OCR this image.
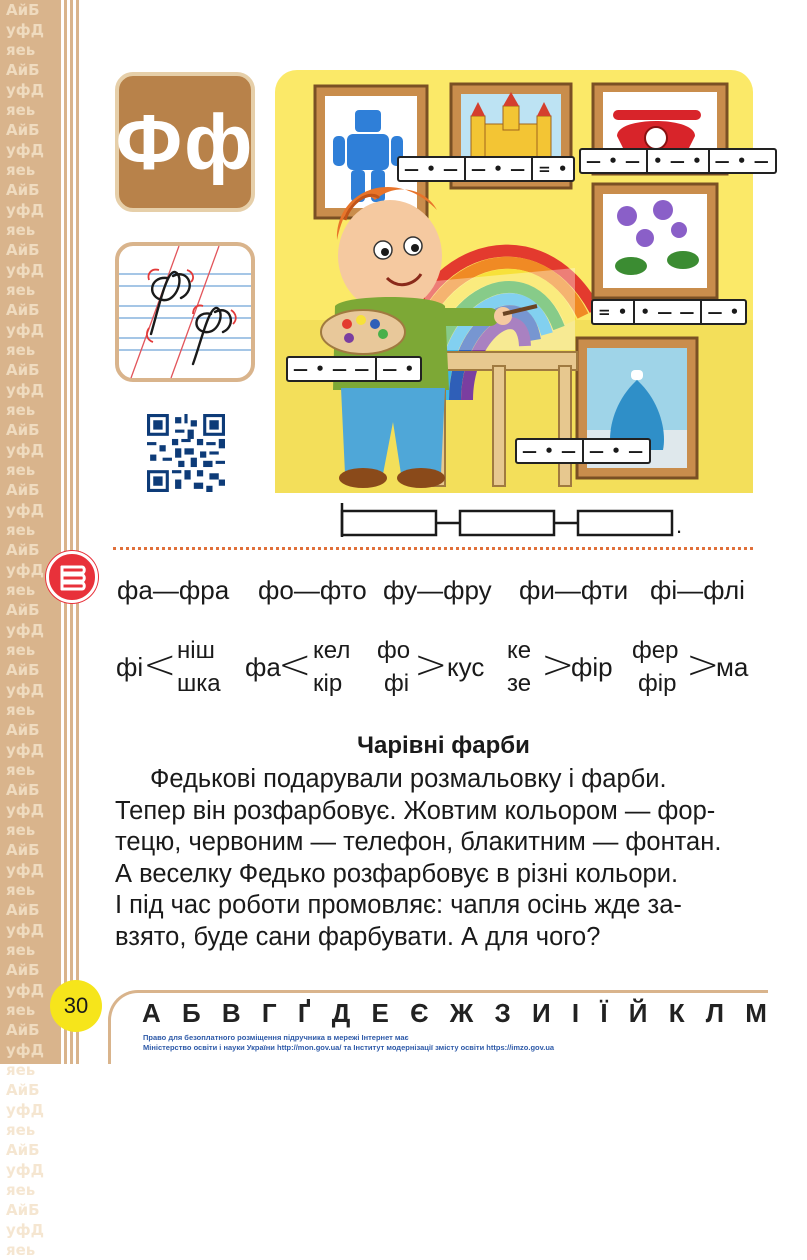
АйБуфДяеьАйБуфДяеьАйБуфДяеьАйБуфДяеьАйБуфДяеьАйБуфДяеьАйБуфДяеьАйБуфДяеьАйБуфДяеьАйБуфДяеьАйБуфДяеьАйБуфДяеьАйБуфДяеьАйБуфДяеьАйБуфДяеьАйБуфДяеьАйБуфДяеьАйБуфДяеьАйБуфДяеьАйБуфДяеьАйБуфДяеь
Фф	— • — — • — = •	— • — • — • — • —
= • • — — — •
— • — — — •
— • — — • —
.
фа—фра фо—фто фу—фру фи—фти фі—флі
фі < ніш
шка
фа
< кел
кір
фо
фі > кус
ке
зе >
фір
фер
фір >
ма
Чарівні фарби

Федькові подарували розмальовку і фарби.

Тепер він розфарбовує. Жовтим кольором — фор-

тецю, червоним — телефон, блакитним — фонтан.

А веселку Федько розфарбовує в різні кольори.

І під час роботи промовляє: чапля осінь жде за-

взято, буде сани фарбувати. А для чого?

30	А Б В Г Ґ Д Е Є Ж З И І Ї Й К Л М
Право для безоплатного розміщення підручника в мережі Інтернет має
Міністерство освіти і науки України http://mon.gov.ua/ та Інститут модернізації змісту освіти https://imzo.gov.ua
